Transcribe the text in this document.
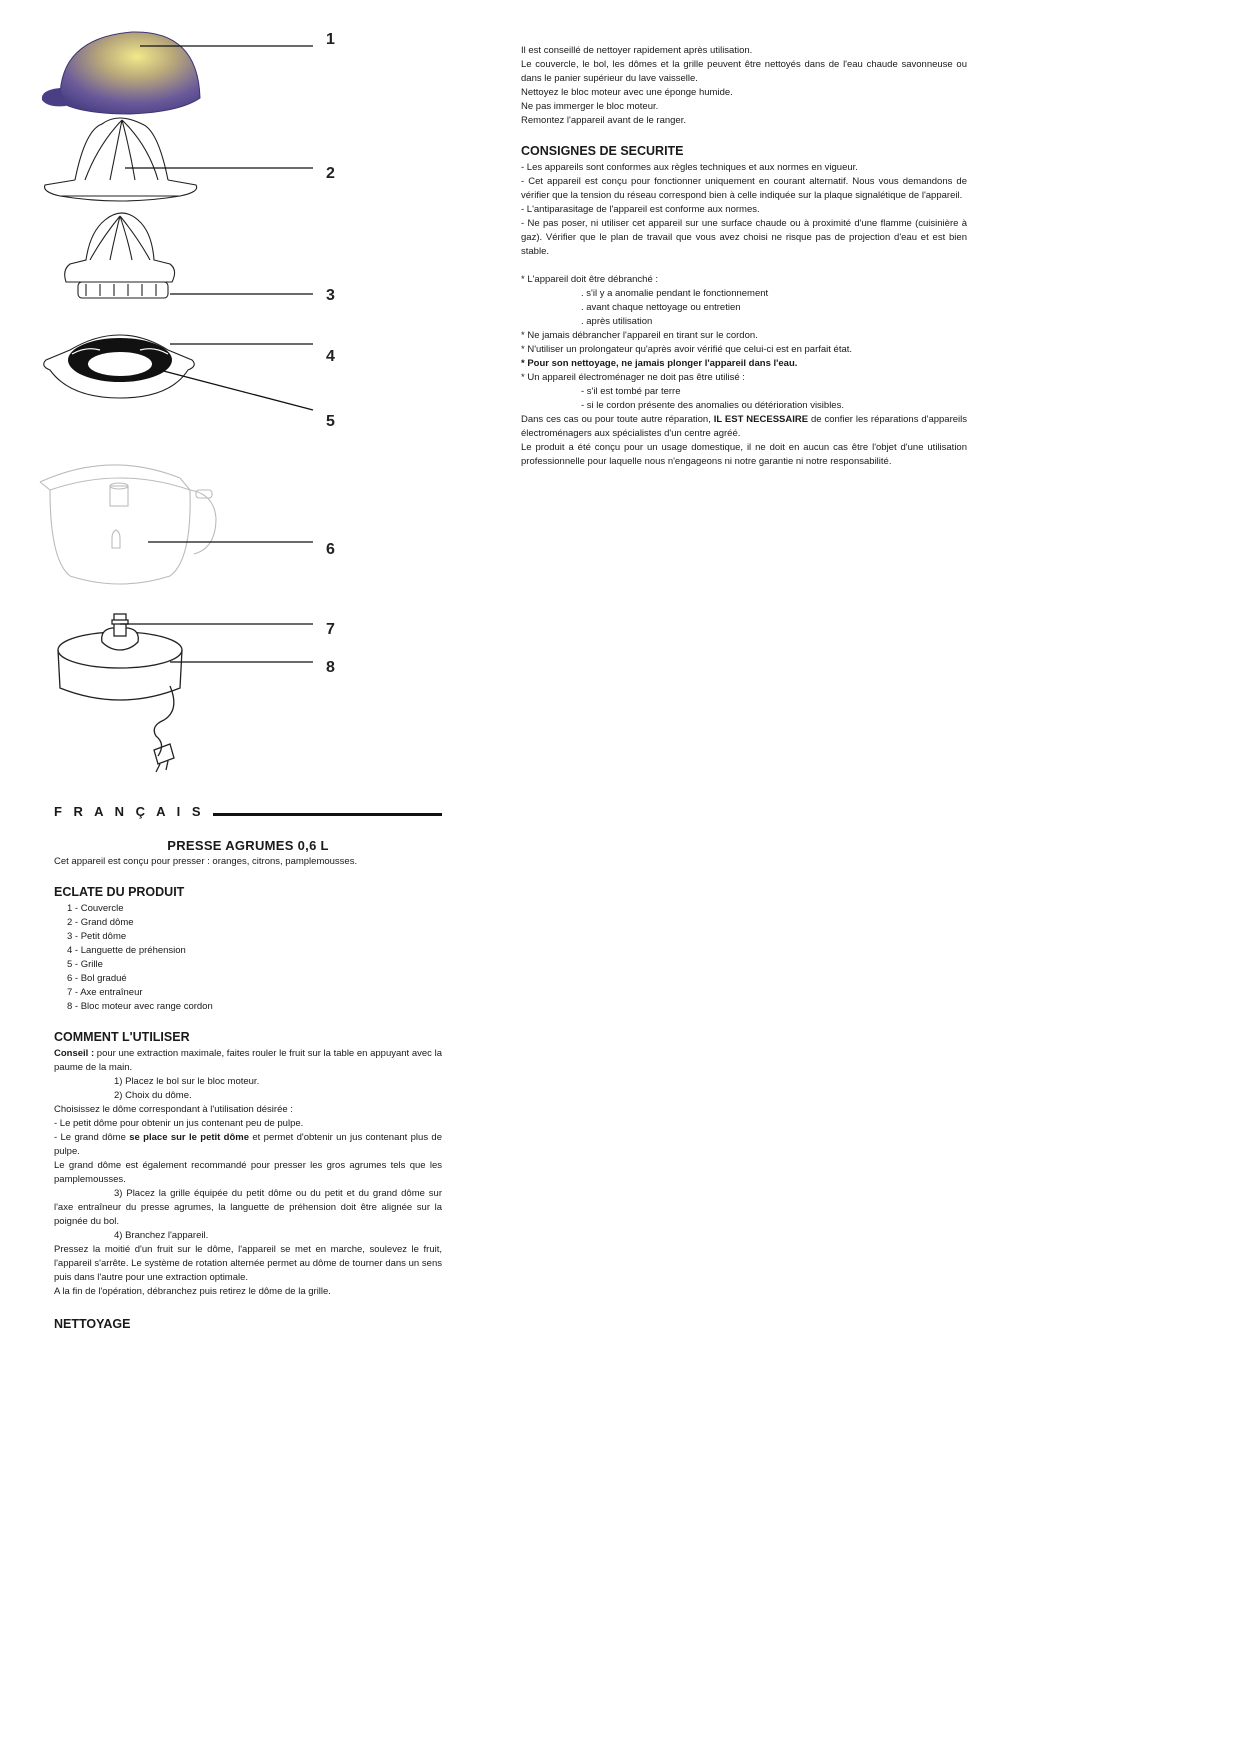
1
2
3
4
5
6
7
8
F R A N Ç A I S
PRESSE AGRUMES 0,6 L

Cet appareil est conçu pour presser : oranges, citrons, pamplemousses.

ECLATE DU PRODUIT
1 - Couvercle
2 - Grand dôme
3 - Petit dôme
4 - Languette de préhension
5 - Grille
6 - Bol gradué
7 - Axe entraîneur
8 - Bloc moteur avec range cordon
COMMENT L'UTILISER

Conseil : pour une extraction maximale, faites rouler le fruit sur la table en appuyant avec la paume de la main.

1) Placez le bol sur le bloc moteur.

2) Choix du dôme.

Choisissez le dôme correspondant à l'utilisation désirée :

- Le petit dôme pour obtenir un jus contenant peu de pulpe.

- Le grand dôme se place sur le petit dôme et permet d'obtenir un jus contenant plus de pulpe.

Le grand dôme est également recommandé pour presser les gros agrumes tels que les pamplemousses.

3) Placez la grille équipée du petit dôme ou du petit et du grand dôme sur l'axe entraîneur du presse agrumes, la languette de préhension doit être alignée sur la poignée du bol.

4) Branchez l'appareil.

Pressez la moitié d'un fruit sur le dôme, l'appareil se met en marche, soulevez le fruit, l'appareil s'arrête. Le système de rotation alternée permet au dôme de tourner dans un sens puis dans l'autre pour une extraction optimale.

A la fin de l'opération, débranchez puis retirez le dôme de la grille.

NETTOYAGE

Il est conseillé de nettoyer rapidement après utilisation.

Le couvercle, le bol, les dômes et la grille peuvent être nettoyés dans de l'eau chaude savonneuse ou dans le panier supérieur du lave vaisselle.

Nettoyez le bloc moteur avec une éponge humide.

Ne pas immerger le bloc moteur.

Remontez l'appareil avant de le ranger.

CONSIGNES DE SECURITE

- Les appareils sont conformes aux règles techniques et aux normes en vigueur.

- Cet appareil est conçu pour fonctionner uniquement en courant alternatif. Nous vous demandons de vérifier que la tension du réseau correspond bien à celle indiquée sur la plaque signalétique de l'appareil.

- L'antiparasitage de l'appareil est conforme aux normes.

- Ne pas poser, ni utiliser cet appareil sur une surface chaude ou à proximité d'une flamme (cuisinière à gaz). Vérifier que le plan de travail que vous avez choisi ne risque pas de projection d'eau et est bien stable.

* L'appareil doit être débranché :

. s'il y a anomalie pendant le fonctionnement

. avant chaque nettoyage ou entretien

. après utilisation

* Ne jamais débrancher l'appareil en tirant sur le cordon.

* N'utiliser un prolongateur qu'après avoir vérifié que celui-ci est en parfait état.

* Pour son nettoyage, ne jamais plonger l'appareil dans l'eau.

* Un appareil électroménager ne doit pas être utilisé :

- s'il est tombé par terre

- si le cordon présente des anomalies ou détérioration visibles.

Dans ces cas ou pour toute autre réparation, IL EST NECESSAIRE de confier les réparations d'appareils électroménagers aux spécialistes d'un centre agréé.

Le produit a été conçu pour un usage domestique, il ne doit en aucun cas être l'objet d'une utilisation professionnelle pour laquelle nous n'engageons ni notre garantie ni notre responsabilité.
